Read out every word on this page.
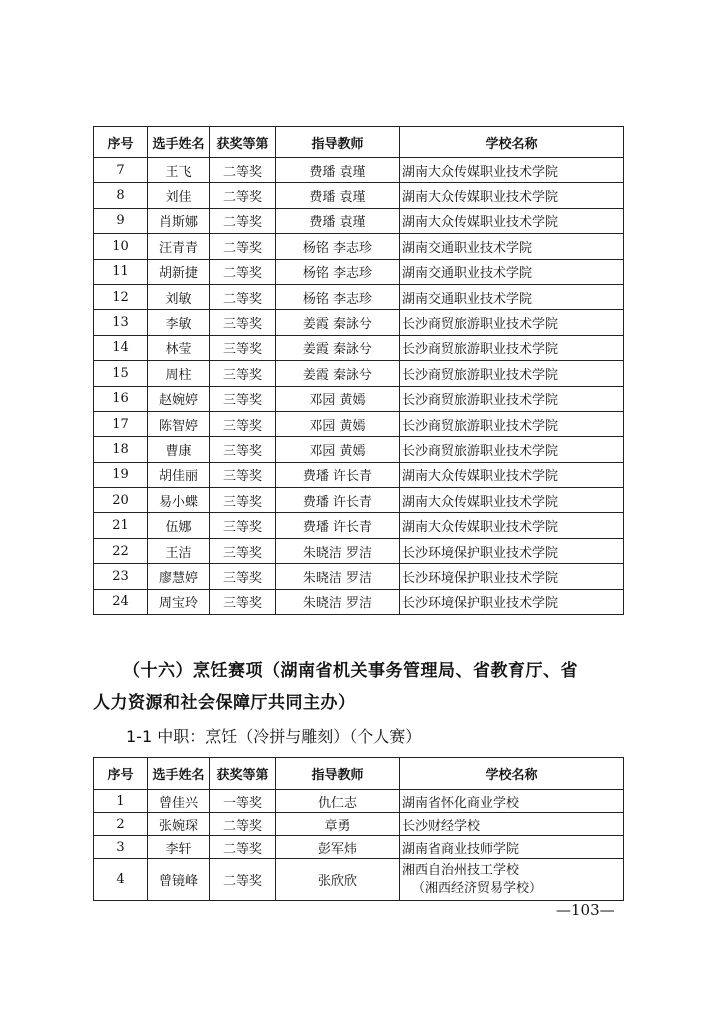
序号	选手姓名	获奖等第	指导教师	学校名称
7	王飞	二等奖	费璠 袁瑾	湖南大众传媒职业技术学院
8	刘佳	二等奖	费璠 袁瑾	湖南大众传媒职业技术学院
9	肖斯娜	二等奖	费璠 袁瑾	湖南大众传媒职业技术学院
10	汪青青	二等奖	杨铭 李志珍	湖南交通职业技术学院
11	胡新捷	二等奖	杨铭 李志珍	湖南交通职业技术学院
12	刘敏	二等奖	杨铭 李志珍	湖南交通职业技术学院
13	李敏	三等奖	姜霞 秦詠兮	长沙商贸旅游职业技术学院
14	林莹	三等奖	姜霞 秦詠兮	长沙商贸旅游职业技术学院
15	周柱	三等奖	姜霞 秦詠兮	长沙商贸旅游职业技术学院
16	赵婉婷	三等奖	邓园 黄嫣	长沙商贸旅游职业技术学院
17	陈智婷	三等奖	邓园 黄嫣	长沙商贸旅游职业技术学院
18	曹康	三等奖	邓园 黄嫣	长沙商贸旅游职业技术学院
19	胡佳丽	三等奖	费璠 许长青	湖南大众传媒职业技术学院
20	易小蝶	三等奖	费璠 许长青	湖南大众传媒职业技术学院
21	伍娜	三等奖	费璠 许长青	湖南大众传媒职业技术学院
22	王洁	三等奖	朱晓洁 罗洁	长沙环境保护职业技术学院
23	廖慧婷	三等奖	朱晓洁 罗洁	长沙环境保护职业技术学院
24	周宝玲	三等奖	朱晓洁 罗洁	长沙环境保护职业技术学院
（十六）烹饪赛项（湖南省机关事务管理局、省教育厅、省
人力资源和社会保障厅共同主办）
1-1 中职：烹饪（冷拼与雕刻）（个人赛）
序号	选手姓名	获奖等第	指导教师	学校名称
1	曾佳兴	一等奖	仇仁志	湖南省怀化商业学校
2	张婉琛	二等奖	章勇	长沙财经学校
3	李轩	二等奖	彭军炜	湖南省商业技师学院
4	曾镜峰	二等奖	张欣欣	湘西自治州技工学校
（湘西经济贸易学校）
—103—
